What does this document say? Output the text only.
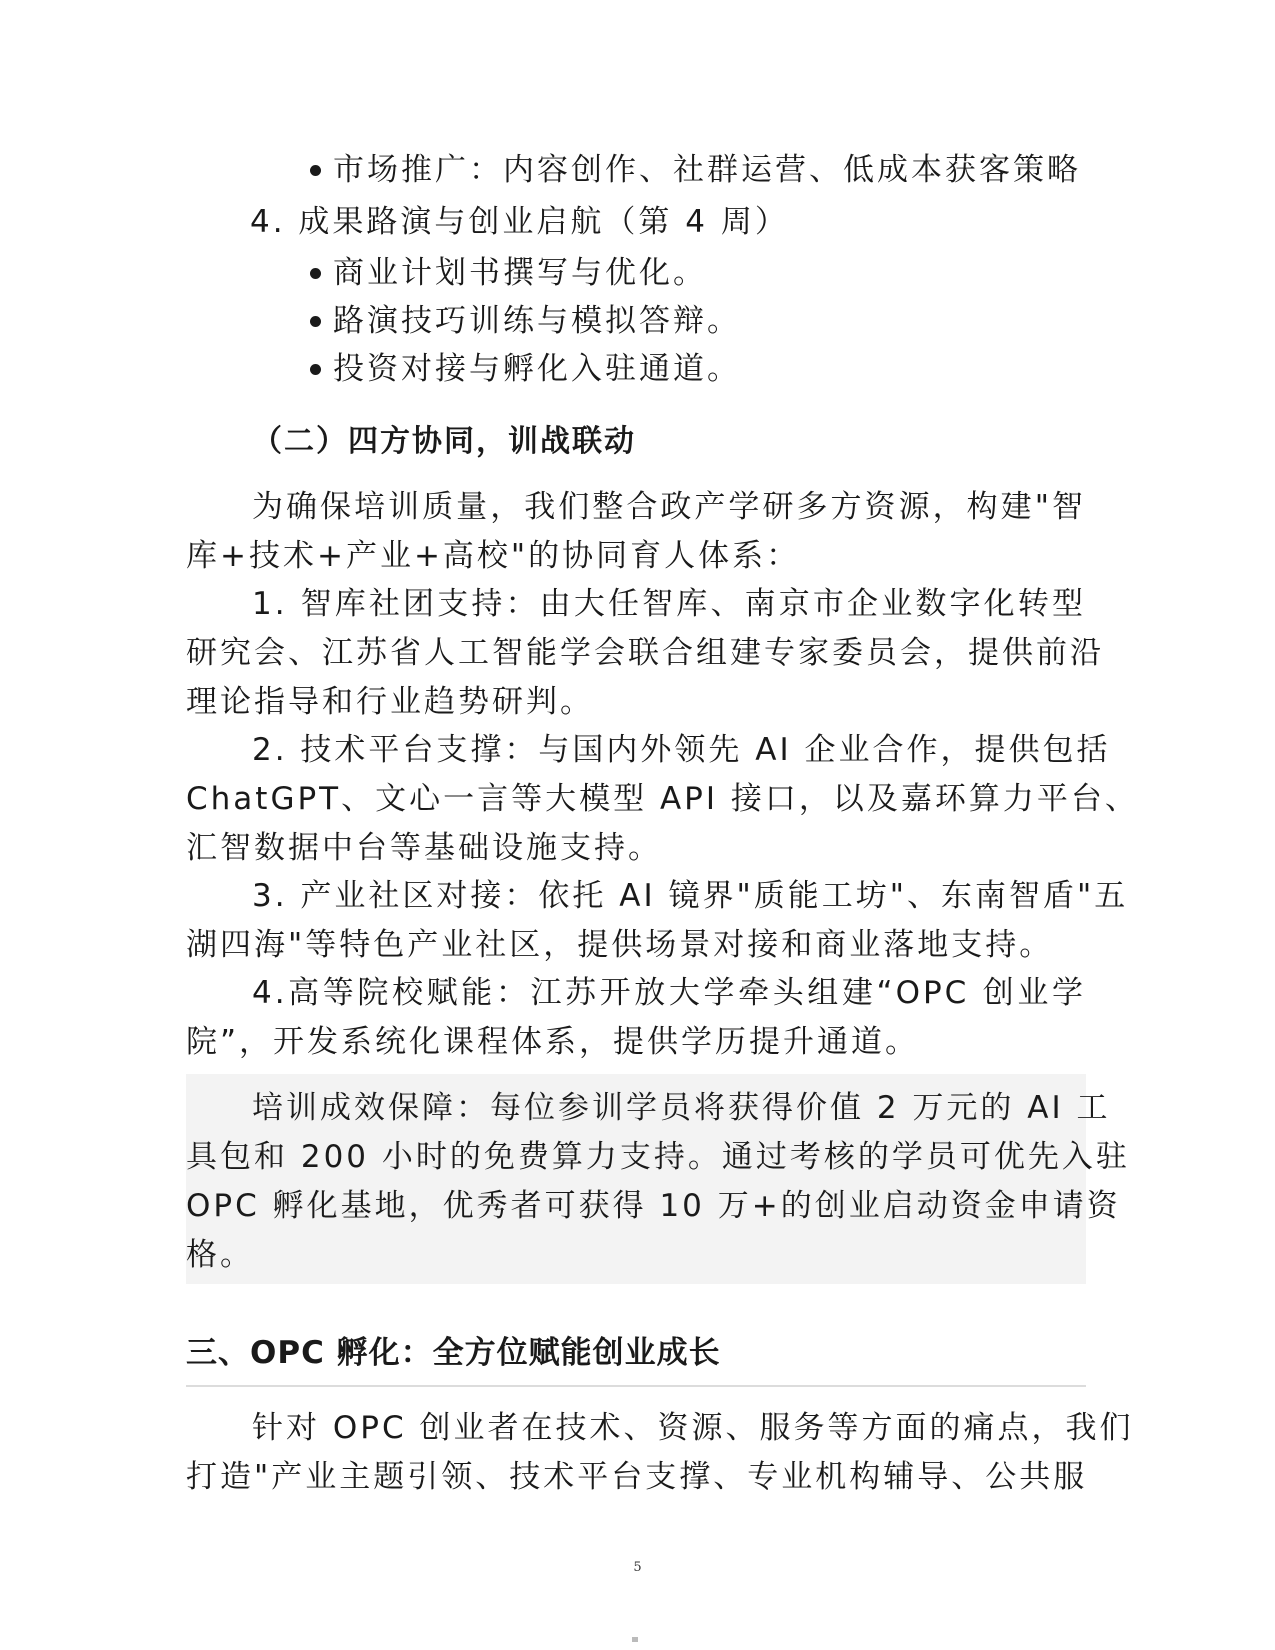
市场推广：内容创作、社群运营、低成本获客策略
4. 成果路演与创业启航（第 4 周）
商业计划书撰写与优化。
路演技巧训练与模拟答辩。
投资对接与孵化入驻通道。
（二）四方协同，训战联动
为确保培训质量，我们整合政产学研多方资源，构建"智
库+技术+产业+高校"的协同育人体系：
1. 智库社团支持：由大任智库、南京市企业数字化转型
研究会、江苏省人工智能学会联合组建专家委员会，提供前沿
理论指导和行业趋势研判。
2. 技术平台支撑：与国内外领先 AI 企业合作，提供包括
ChatGPT、文心一言等大模型 API 接口，以及嘉环算力平台、
汇智数据中台等基础设施支持。
3. 产业社区对接：依托 AI 镜界"质能工坊"、东南智盾"五
湖四海"等特色产业社区，提供场景对接和商业落地支持。
4.高等院校赋能：江苏开放大学牵头组建“OPC 创业学
院”，开发系统化课程体系，提供学历提升通道。
培训成效保障：每位参训学员将获得价值 2 万元的 AI 工
具包和 200 小时的免费算力支持。通过考核的学员可优先入驻
OPC 孵化基地，优秀者可获得 10 万+的创业启动资金申请资
格。
三、OPC 孵化：全方位赋能创业成长
针对 OPC 创业者在技术、资源、服务等方面的痛点，我们
打造"产业主题引领、技术平台支撑、专业机构辅导、公共服
5
